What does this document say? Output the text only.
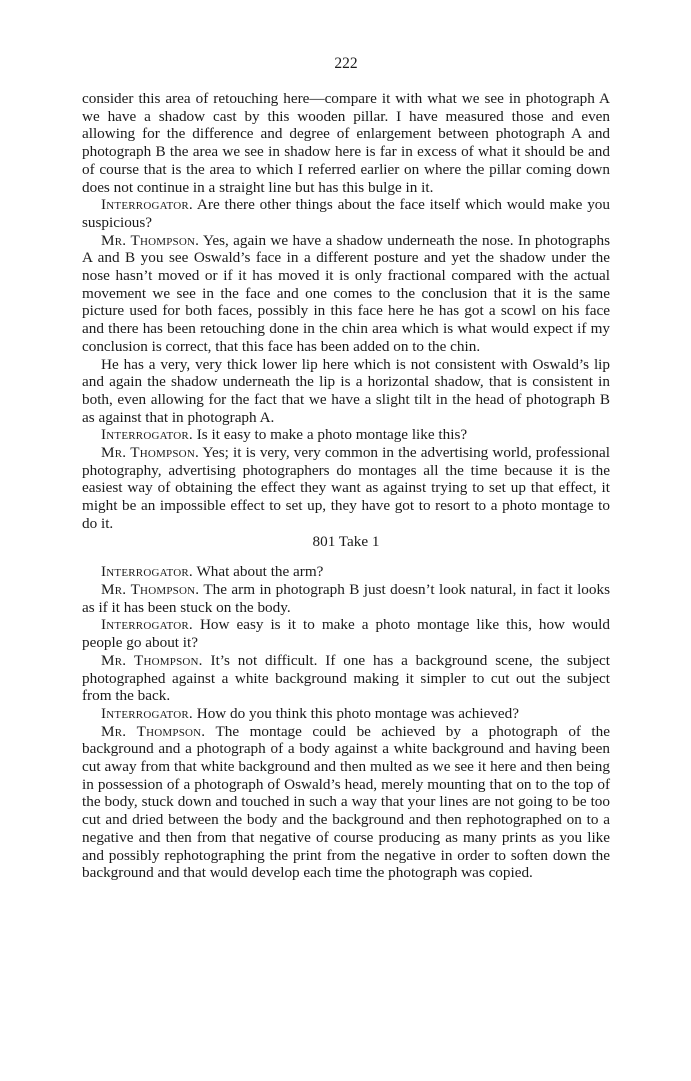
222

consider this area of retouching here—compare it with what we see in photograph A we have a shadow cast by this wooden pillar. I have measured those and even allowing for the difference and degree of enlargement between photograph A and photograph B the area we see in shadow here is far in excess of what it should be and of course that is the area to which I referred earlier on where the pillar coming down does not continue in a straight line but has this bulge in it.

Interrogator. Are there other things about the face itself which would make you suspicious?

Mr. Thompson. Yes, again we have a shadow underneath the nose. In photographs A and B you see Oswald’s face in a different posture and yet the shadow under the nose hasn’t moved or if it has moved it is only fractional compared with the actual movement we see in the face and one comes to the conclusion that it is the same picture used for both faces, possibly in this face here he has got a scowl on his face and there has been retouching done in the chin area which is what would expect if my conclusion is correct, that this face has been added on to the chin.

He has a very, very thick lower lip here which is not consistent with Oswald’s lip and again the shadow underneath the lip is a horizontal shadow, that is consistent in both, even allowing for the fact that we have a slight tilt in the head of photograph B as against that in photograph A.

Interrogator. Is it easy to make a photo montage like this?

Mr. Thompson. Yes; it is very, very common in the advertising world, professional photography, advertising photographers do montages all the time because it is the easiest way of obtaining the effect they want as against trying to set up that effect, it might be an impossible effect to set up, they have got to resort to a photo montage to do it.

801 Take 1

Interrogator. What about the arm?

Mr. Thompson. The arm in photograph B just doesn’t look natural, in fact it looks as if it has been stuck on the body.

Interrogator. How easy is it to make a photo montage like this, how would people go about it?

Mr. Thompson. It’s not difficult. If one has a background scene, the subject photographed against a white background making it simpler to cut out the subject from the back.

Interrogator. How do you think this photo montage was achieved?

Mr. Thompson. The montage could be achieved by a photograph of the background and a photograph of a body against a white background and having been cut away from that white background and then multed as we see it here and then being in possession of a photograph of Oswald’s head, merely mounting that on to the top of the body, stuck down and touched in such a way that your lines are not going to be too cut and dried between the body and the background and then rephotographed on to a negative and then from that negative of course producing as many prints as you like and possibly rephotographing the print from the negative in order to soften down the background and that would develop each time the photograph was copied.
